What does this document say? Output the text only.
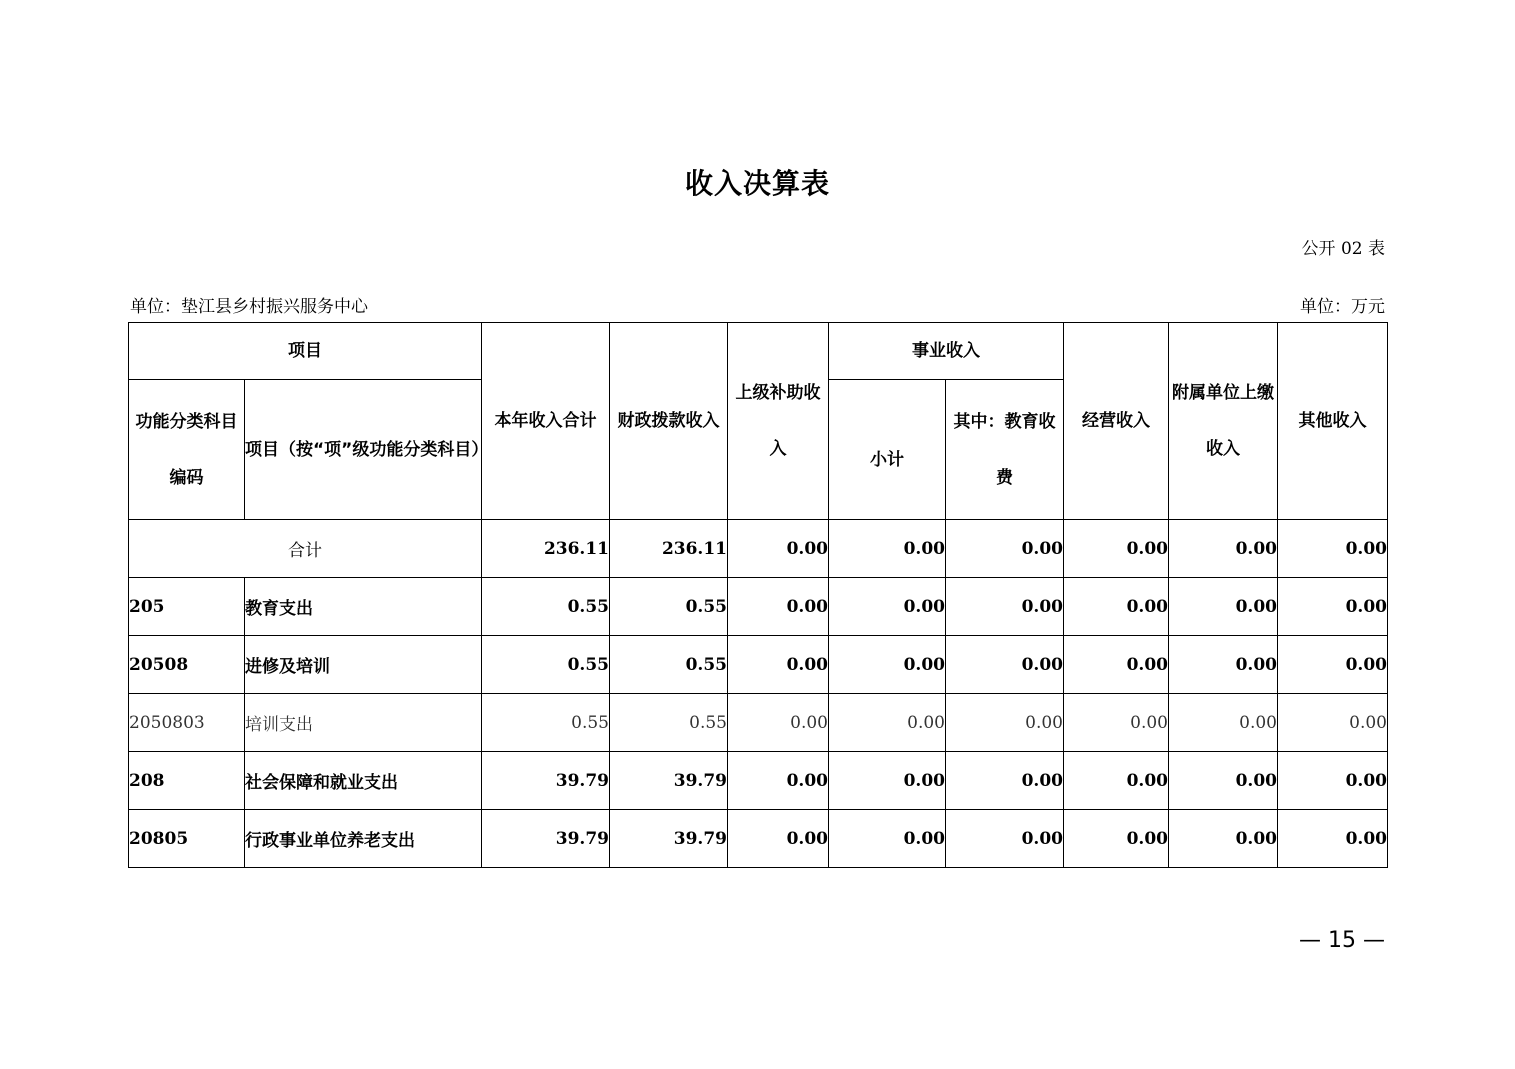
收入决算表
公开 02 表
单位：垫江县乡村振兴服务中心	单位：万元
项目		本年收入合计	财政拨款收入	上级补助收入	事业收入		经营收入	附属单位上缴收入	其他收入
功能分类科目编码	项目（按“项”级功能分类科目）				小计	其中：教育收费			
合计		236.11	236.11	0.00	0.00	0.00	0.00	0.00	0.00
205	教育支出	0.55	0.55	0.00	0.00	0.00	0.00	0.00	0.00
20508	进修及培训	0.55	0.55	0.00	0.00	0.00	0.00	0.00	0.00
2050803	培训支出	0.55	0.55	0.00	0.00	0.00	0.00	0.00	0.00
208	社会保障和就业支出	39.79	39.79	0.00	0.00	0.00	0.00	0.00	0.00
20805	行政事业单位养老支出	39.79	39.79	0.00	0.00	0.00	0.00	0.00	0.00
— 15 —
